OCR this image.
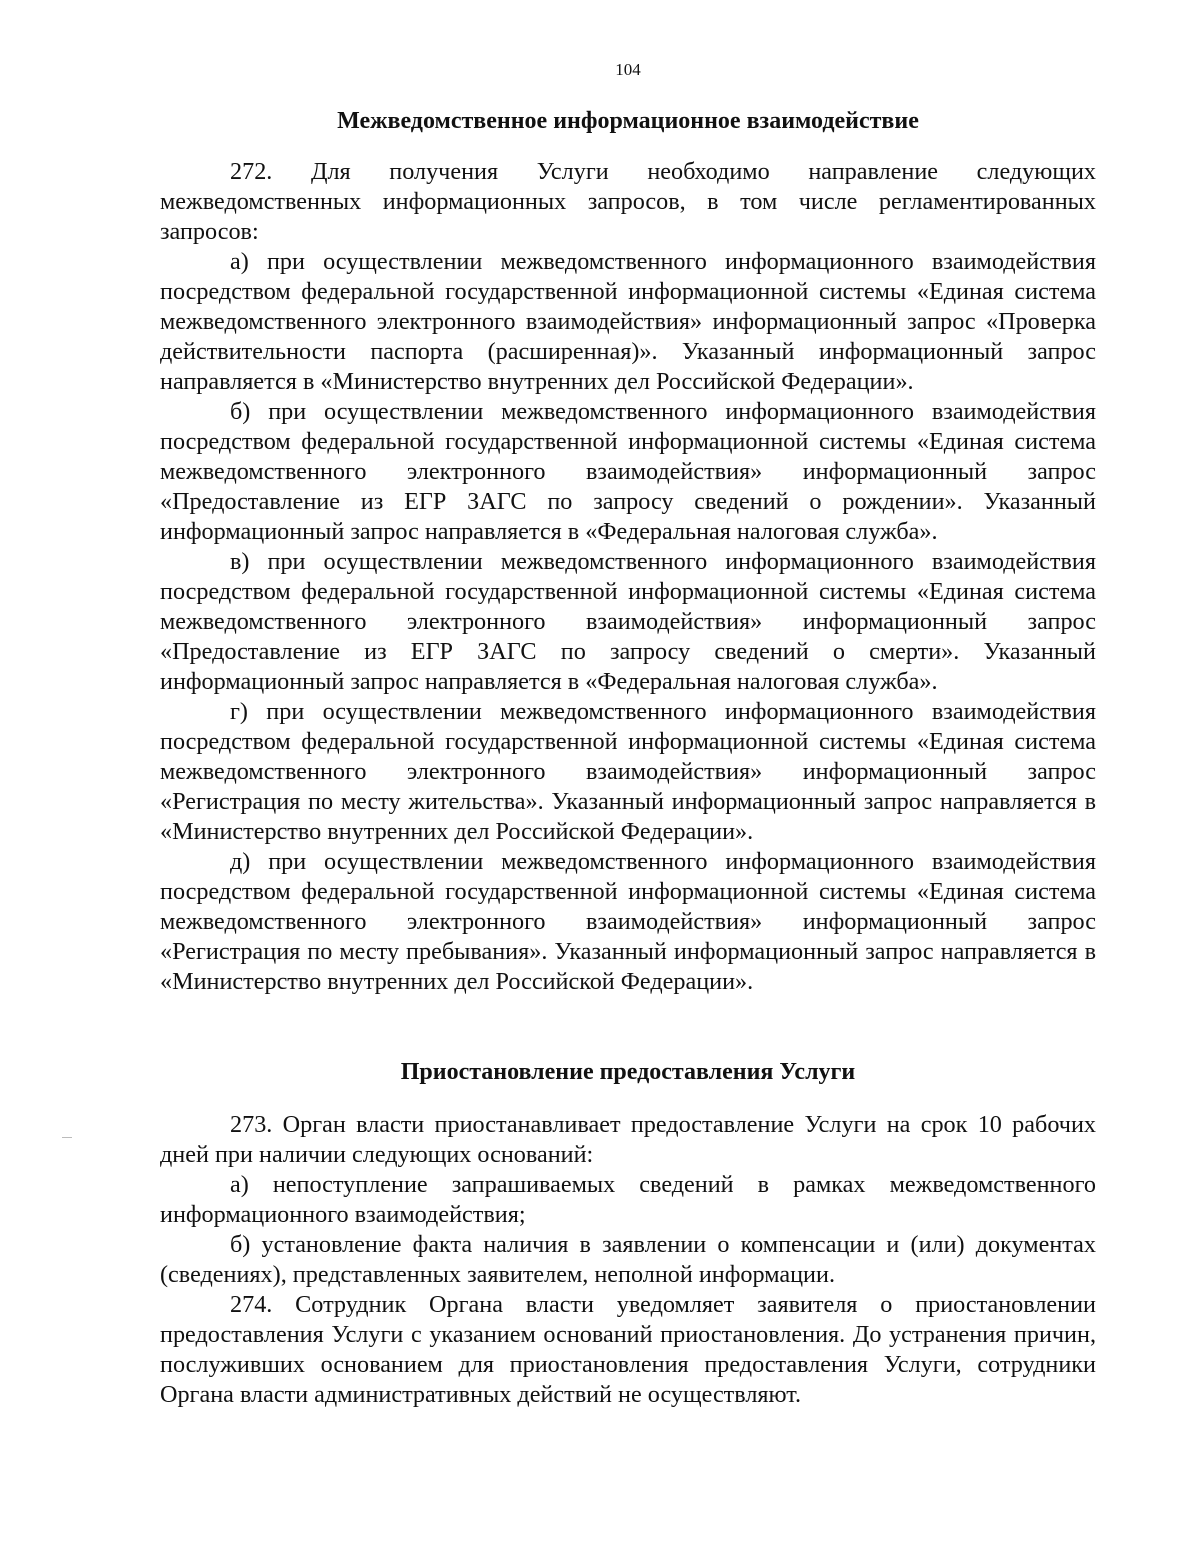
104

Межведомственное информационное взаимодействие

272. Для получения Услуги необходимо направление следующих межведомственных информационных запросов, в том числе регламентированных запросов:

а) при осуществлении межведомственного информационного взаимодействия посредством федеральной государственной информационной системы «Единая система межведомственного электронного взаимодействия» информационный запрос «Проверка действительности паспорта (расширенная)». Указанный информационный запрос направляется в «Министерство внутренних дел Российской Федерации».

б) при осуществлении межведомственного информационного взаимодействия посредством федеральной государственной информационной системы «Единая система межведомственного электронного взаимодействия» информационный запрос «Предоставление из ЕГР ЗАГС по запросу сведений о рождении». Указанный информационный запрос направляется в «Федеральная налоговая служба».

в) при осуществлении межведомственного информационного взаимодействия посредством федеральной государственной информационной системы «Единая система межведомственного электронного взаимодействия» информационный запрос «Предоставление из ЕГР ЗАГС по запросу сведений о смерти». Указанный информационный запрос направляется в «Федеральная налоговая служба».

г) при осуществлении межведомственного информационного взаимодействия посредством федеральной государственной информационной системы «Единая система межведомственного электронного взаимодействия» информационный запрос «Регистрация по месту жительства». Указанный информационный запрос направляется в «Министерство внутренних дел Российской Федерации».

д) при осуществлении межведомственного информационного взаимодействия посредством федеральной государственной информационной системы «Единая система межведомственного электронного взаимодействия» информационный запрос «Регистрация по месту пребывания». Указанный информационный запрос направляется в «Министерство внутренних дел Российской Федерации».

Приостановление предоставления Услуги

273. Орган власти приостанавливает предоставление Услуги на срок 10 рабочих дней при наличии следующих оснований:

а) непоступление запрашиваемых сведений в рамках межведомственного информационного взаимодействия;

б) установление факта наличия в заявлении о компенсации и (или) документах (сведениях), представленных заявителем, неполной информации.

274. Сотрудник Органа власти уведомляет заявителя о приостановлении предоставления Услуги с указанием оснований приостановления. До устранения причин, послуживших основанием для приостановления предоставления Услуги, сотрудники Органа власти административных действий не осуществляют.
